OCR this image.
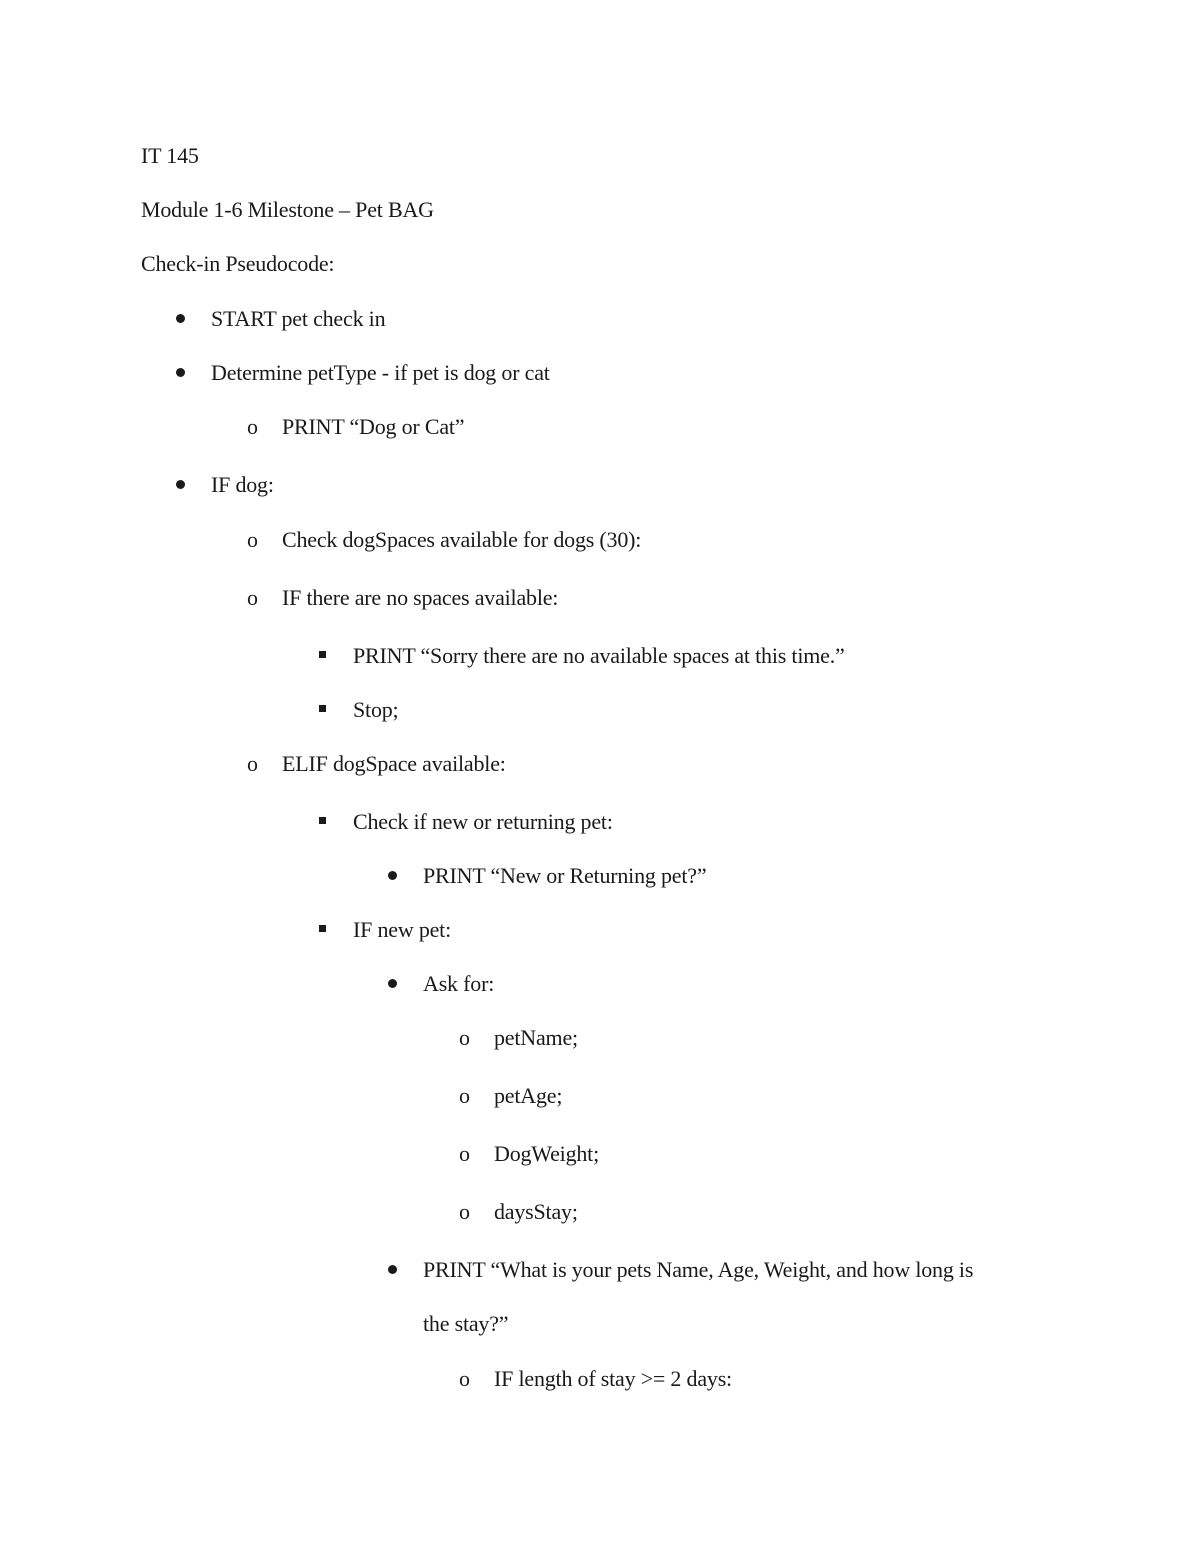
IT 145
Module 1-6 Milestone – Pet BAG
Check-in Pseudocode:
START pet check in
Determine petType - if pet is dog or cat
o PRINT “Dog or Cat”
IF dog:
o Check dogSpaces available for dogs (30):
o IF there are no spaces available:
PRINT “Sorry there are no available spaces at this time.”
Stop;
o ELIF dogSpace available:
Check if new or returning pet:
PRINT “New or Returning pet?”
IF new pet:
Ask for:
o petName;
o petAge;
o DogWeight;
o daysStay;
PRINT “What is your pets Name, Age, Weight, and how long is
the stay?”
o IF length of stay >= 2 days:
